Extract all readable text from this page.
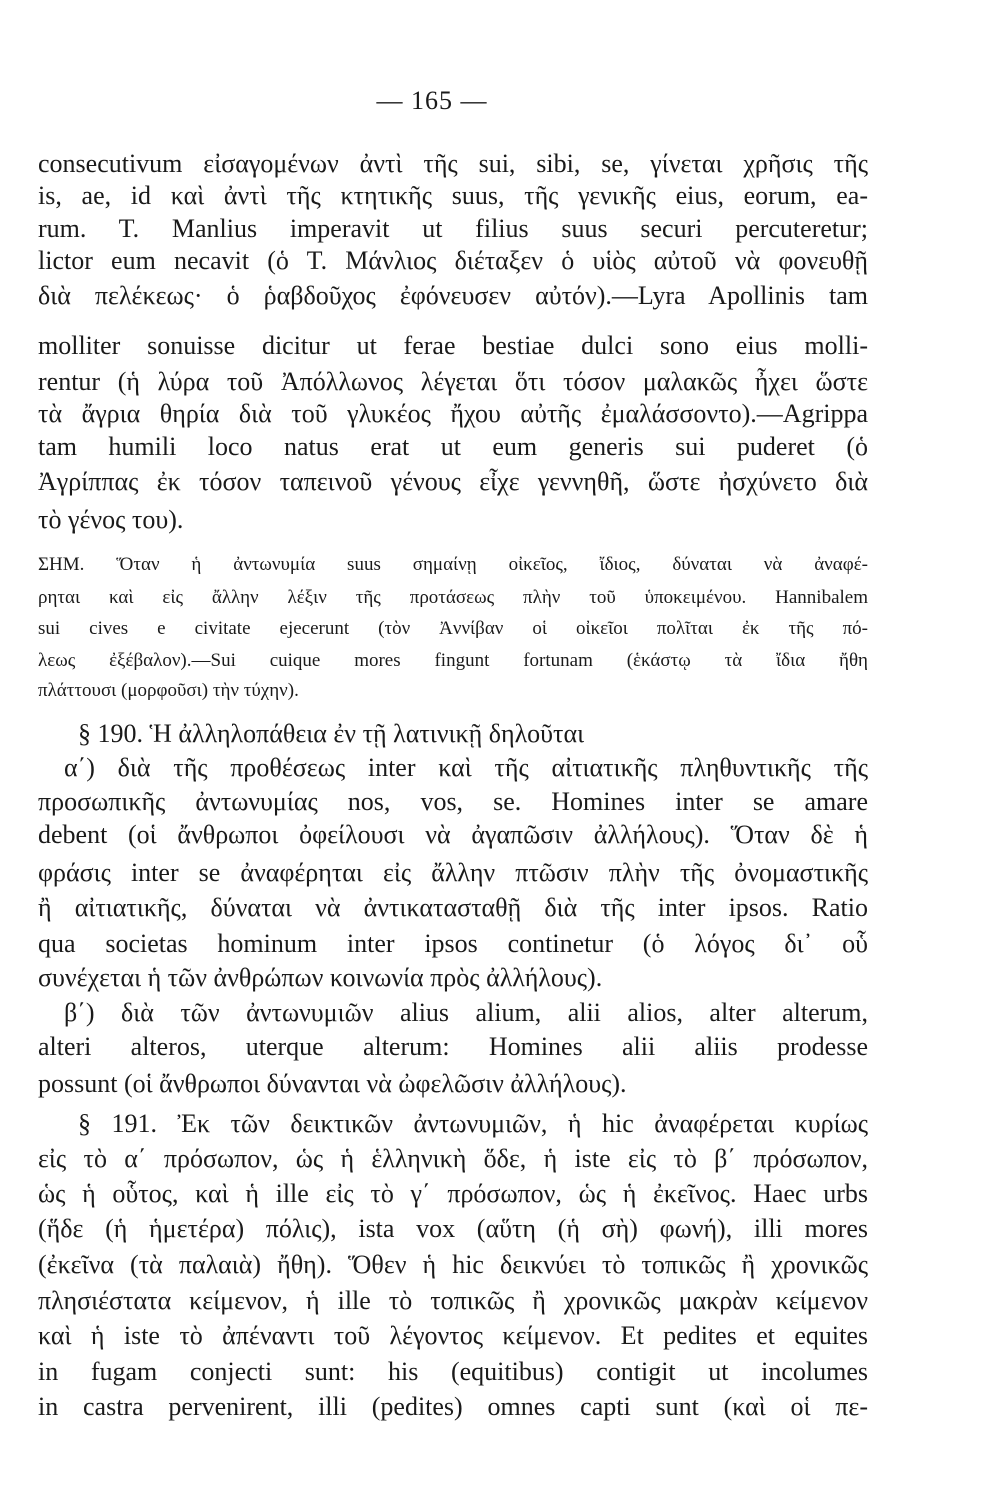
— 165 —
consecutivum εἰσαγομένων ἀντὶ τῆς sui, sibi, se, γίνεται χρῆσις τῆς
is, ae, id καὶ ἀντὶ τῆς κτητικῆς suus, τῆς γενικῆς eius, eorum, ea-
rum. T. Manlius imperavit ut filius suus securi percuteretur;
lictor eum necavit (ὁ Τ. Μάνλιος διέταξεν ὁ υἱὸς αὐτοῦ νὰ φονευθῇ
διὰ πελέκεως· ὁ ῥαβδοῦχος ἐφόνευσεν αὐτόν).—Lyra Apollinis tam
molliter sonuisse dicitur ut ferae bestiae dulci sono eius molli-
rentur (ἡ λύρα τοῦ Ἀπόλλωνος λέγεται ὅτι τόσον μαλακῶς ἦχει ὥστε
τὰ ἄγρια θηρία διὰ τοῦ γλυκέος ἤχου αὐτῆς ἐμαλάσσοντο).—Agrippa
tam humili loco natus erat ut eum generis sui puderet (ὁ
Ἀγρίππας ἐκ τόσον ταπεινοῦ γένους εἶχε γεννηθῆ, ὥστε ἠσχύνετο διὰ
τὸ γένος του).
ΣΗΜ. Ὅταν ἡ ἀντωνυμία suus σημαίνῃ οἰκεῖος, ἴδιος, δύναται νὰ ἀναφέ-
ρηται καὶ εἰς ἄλλην λέξιν τῆς προτάσεως πλὴν τοῦ ὑποκειμένου. Hannibalem
sui cives e civitate ejecerunt (τὸν Ἀννίβαν οἱ οἰκεῖοι πολῖται ἐκ τῆς πό-
λεως ἐξέβαλον).—Sui cuique mores fingunt fortunam (ἑκάστῳ τὰ ἴδια ἤθη
πλάττουσι (μορφοῦσι) τὴν τύχην).
§ 190. Ἡ ἀλληλοπάθεια ἐν τῇ λατινικῇ δηλοῦται
α΄) διὰ τῆς προθέσεως inter καὶ τῆς αἰτιατικῆς πληθυντικῆς τῆς
προσωπικῆς ἀντωνυμίας nos, vos, se. Homines inter se amare
debent (οἱ ἄνθρωποι ὀφείλουσι νὰ ἀγαπῶσιν ἀλλήλους). Ὅταν δὲ ἡ
φράσις inter se ἀναφέρηται εἰς ἄλλην πτῶσιν πλὴν τῆς ὀνομαστικῆς
ἢ αἰτιατικῆς, δύναται νὰ ἀντικατασταθῇ διὰ τῆς inter ipsos. Ratio
qua societas hominum inter ipsos continetur (ὁ λόγος δι᾿ οὗ
συνέχεται ἡ τῶν ἀνθρώπων κοινωνία πρὸς ἀλλήλους).
β΄) διὰ τῶν ἀντωνυμιῶν alius alium, alii alios, alter alterum,
alteri alteros, uterque alterum: Homines alii aliis prodesse
possunt (οἱ ἄνθρωποι δύνανται νὰ ὠφελῶσιν ἀλλήλους).
§ 191. Ἐκ τῶν δεικτικῶν ἀντωνυμιῶν, ἡ hic ἀναφέρεται κυρίως
εἰς τὸ α΄ πρόσωπον, ὡς ἡ ἑλληνικὴ ὅδε, ἡ iste εἰς τὸ β΄ πρόσωπον,
ὡς ἡ οὗτος, καὶ ἡ ille εἰς τὸ γ΄ πρόσωπον, ὡς ἡ ἐκεῖνος. Haec urbs
(ἥδε (ἡ ἡμετέρα) πόλις), ista vox (αὕτη (ἡ σὴ) φωνή), illi mores
(ἐκεῖνα (τὰ παλαιὰ) ἤθη). Ὅθεν ἡ hic δεικνύει τὸ τοπικῶς ἢ χρονικῶς
πλησιέστατα κείμενον, ἡ ille τὸ τοπικῶς ἢ χρονικῶς μακρὰν κείμενον
καὶ ἡ iste τὸ ἀπέναντι τοῦ λέγοντος κείμενον. Et pedites et equites
in fugam conjecti sunt: his (equitibus) contigit ut incolumes
in castra pervenirent, illi (pedites) omnes capti sunt (καὶ οἱ πε-
